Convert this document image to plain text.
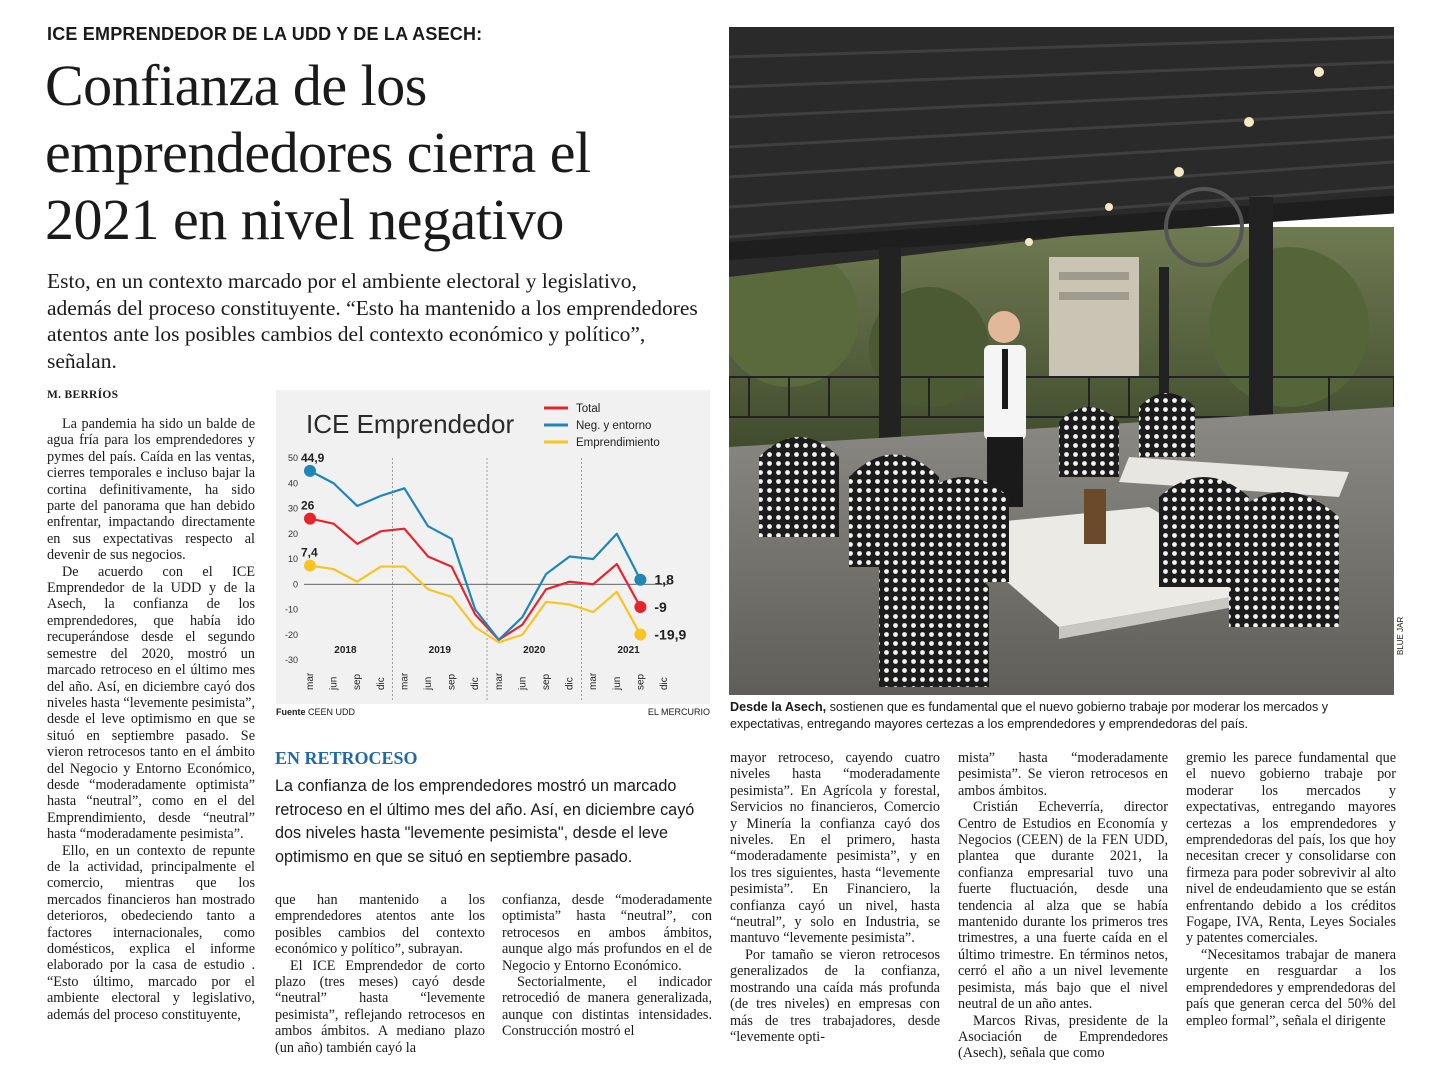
ICE EMPRENDEDOR DE LA UDD Y DE LA ASECH:
Confianza de los
emprendedores cierra el
2021 en nivel negativo
Esto, en un contexto marcado por el ambiente electoral y legislativo, además del proceso constituyente. “Esto ha mantenido a los emprendedores atentos ante los posibles cambios del contexto económico y político”, señalan.
M. BERRÍOS

La pandemia ha sido un balde de agua fría para los emprendedores y pymes del país. Caída en las ventas, cierres temporales e incluso bajar la cortina definitivamente, ha sido parte del panorama que han debido enfrentar, impactando directamente en sus expectativas respecto al devenir de sus negocios.

De acuerdo con el ICE Emprendedor de la UDD y de la Asech, la confianza de los emprendedores, que había ido recuperándose desde el segundo semestre del 2020, mostró un marcado retroceso en el último mes del año. Así, en diciembre cayó dos niveles hasta “levemente pesimista”, desde el leve optimismo en que se situó en septiembre pasado. Se vieron retrocesos tanto en el ámbito del Negocio y Entorno Económico, desde “moderadamente optimista” hasta “neutral”, como en el del Emprendimiento, desde “neutral” hasta “moderadamente pesimista”.

Ello, en un contexto de repunte de la actividad, principalmente el comercio, mientras que los mercados financieros han mostrado deterioros, obedeciendo tanto a factores internacionales, como domésticos, explica el informe elaborado por la casa de estudio . “Esto último, marcado por el ambiente electoral y legislativo, además del proceso constituyente,

ICE Emprendedor	Total
Neg. y entorno
Emprendimiento
50
40
30
20
10
0
-10
-20
-30
mar jun sep dic mar jun sep dic mar jun sep dic mar jun sep dic
2018	2019	2020	2021
26
-9
44,9
1,8
7,4
-19,9
Fuente CEEN UDD	EL MERCURIO
EN RETROCESO
La confianza de los emprendedores mostró un marcado retroceso en el último mes del año. Así, en diciembre cayó dos niveles hasta "levemente pesimista", desde el leve optimismo en que se situó en septiembre pasado.

que han mantenido a los emprendedores atentos ante los posibles cambios del contexto económico y político”, subrayan.

El ICE Emprendedor de corto plazo (tres meses) cayó desde “neutral” hasta “levemente pesimista”, reflejando retrocesos en ambos ámbitos. A mediano plazo (un año) también cayó la

confianza, desde “moderadamente optimista” hasta “neutral”, con retrocesos en ambos ámbitos, aunque algo más profundos en el de Negocio y Entorno Económico.

Sectorialmente, el indicador retrocedió de manera generalizada, aunque con distintas intensidades. Construcción mostró el

mayor retroceso, cayendo cuatro niveles hasta “moderadamente pesimista”. En Agrícola y forestal, Servicios no financieros, Comercio y Minería la confianza cayó dos niveles. En el primero, hasta “moderadamente pesimista”, y en los tres siguientes, hasta “levemente pesimista”. En Financiero, la confianza cayó un nivel, hasta “neutral”, y solo en Industria, se mantuvo “levemente pesimista”.

Por tamaño se vieron retrocesos generalizados de la confianza, mostrando una caída más profunda (de tres niveles) en empresas con más de tres trabajadores, desde “levemente opti-

mista” hasta “moderadamente pesimista”. Se vieron retrocesos en ambos ámbitos.

Cristián Echeverría, director Centro de Estudios en Economía y Negocios (CEEN) de la FEN UDD, plantea que durante 2021, la confianza empresarial tuvo una fuerte fluctuación, desde una tendencia al alza que se había mantenido durante los primeros tres trimestres, a una fuerte caída en el último trimestre. En términos netos, cerró el año a un nivel levemente pesimista, más bajo que el nivel neutral de un año antes.

Marcos Rivas, presidente de la Asociación de Emprendedores (Asech), señala que como

gremio les parece fundamental que el nuevo gobierno trabaje por moderar los mercados y expectativas, entregando mayores certezas a los emprendedores y emprendedoras del país, los que hoy necesitan crecer y consolidarse con firmeza para poder sobrevivir al alto nivel de endeudamiento que se están enfrentando debido a los créditos Fogape, IVA, Renta, Leyes Sociales y patentes comerciales.

“Necesitamos trabajar de manera urgente en resguardar a los emprendedores y emprendedoras del país que generan cerca del 50% del empleo formal”, señala el dirigente

BLUE JAR
Desde la Asech, sostienen que es fundamental que el nuevo gobierno trabaje por moderar los mercados y expectativas, entregando mayores certezas a los emprendedores y emprendedoras del país.
